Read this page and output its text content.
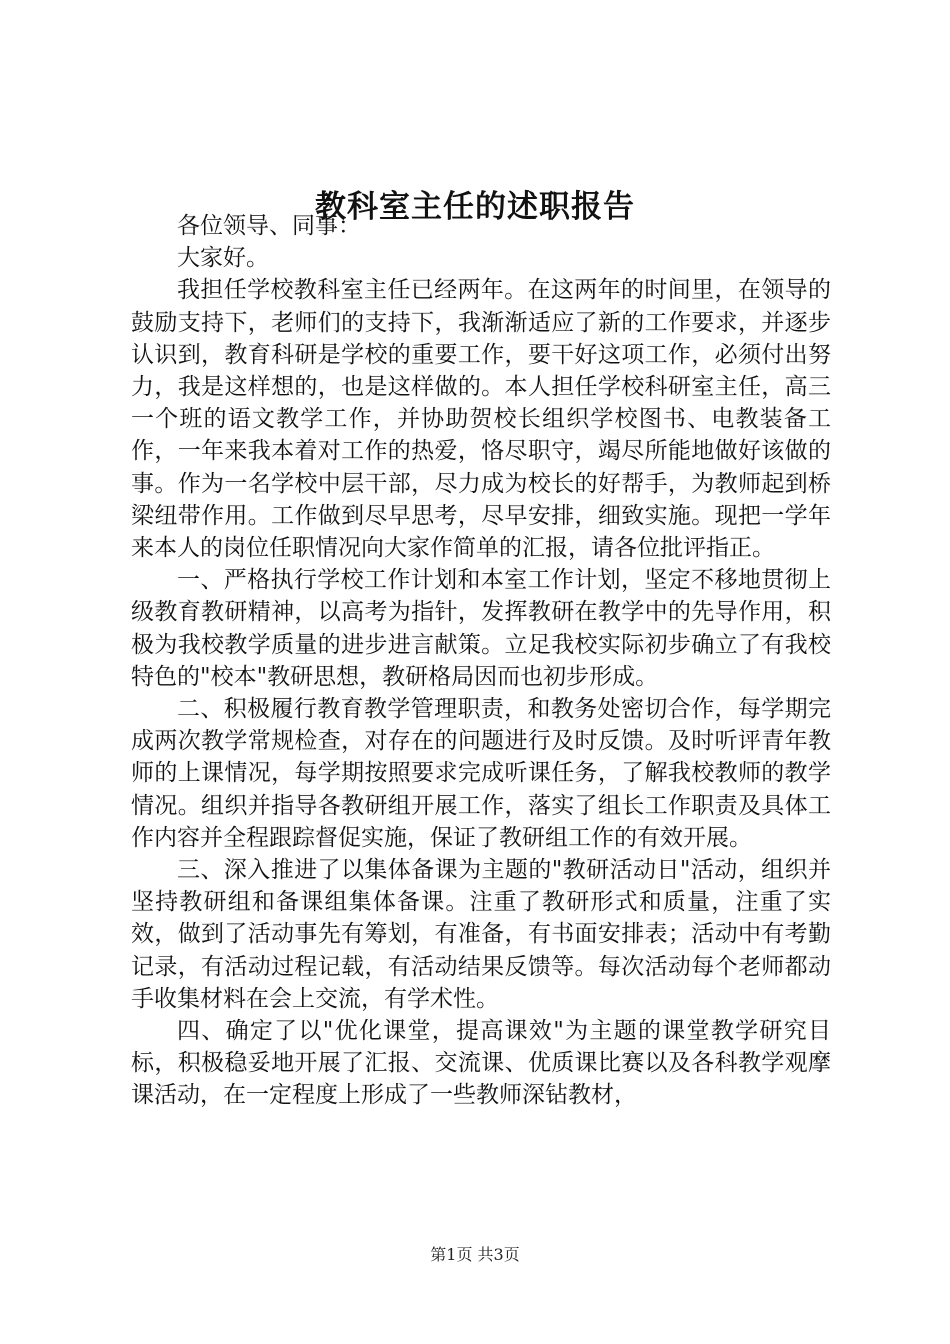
教科室主任的述职报告

各位领导、同事：

大家好。

我担任学校教科室主任已经两年。在这两年的时间里，在领导的鼓励支持下，老师们的支持下，我渐渐适应了新的工作要求，并逐步认识到，教育科研是学校的重要工作，要干好这项工作，必须付出努力，我是这样想的，也是这样做的。本人担任学校科研室主任，高三一个班的语文教学工作，并协助贺校长组织学校图书、电教装备工作，一年来我本着对工作的热爱，恪尽职守，竭尽所能地做好该做的事。作为一名学校中层干部，尽力成为校长的好帮手，为教师起到桥梁纽带作用。工作做到尽早思考，尽早安排，细致实施。现把一学年来本人的岗位任职情况向大家作简单的汇报，请各位批评指正。

一、严格执行学校工作计划和本室工作计划，坚定不移地贯彻上级教育教研精神，以高考为指针，发挥教研在教学中的先导作用，积极为我校教学质量的进步进言献策。立足我校实际初步确立了有我校特色的"校本"教研思想，教研格局因而也初步形成。

二、积极履行教育教学管理职责，和教务处密切合作，每学期完成两次教学常规检查，对存在的问题进行及时反馈。及时听评青年教师的上课情况，每学期按照要求完成听课任务，了解我校教师的教学情况。组织并指导各教研组开展工作，落实了组长工作职责及具体工作内容并全程跟踪督促实施，保证了教研组工作的有效开展。

三、深入推进了以集体备课为主题的"教研活动日"活动，组织并坚持教研组和备课组集体备课。注重了教研形式和质量，注重了实效，做到了活动事先有筹划，有准备，有书面安排表；活动中有考勤记录，有活动过程记载，有活动结果反馈等。每次活动每个老师都动手收集材料在会上交流，有学术性。

四、确定了以"优化课堂，提高课效"为主题的课堂教学研究目标，积极稳妥地开展了汇报、交流课、优质课比赛以及各科教学观摩课活动，在一定程度上形成了一些教师深钻教材，

第1页 共3页
